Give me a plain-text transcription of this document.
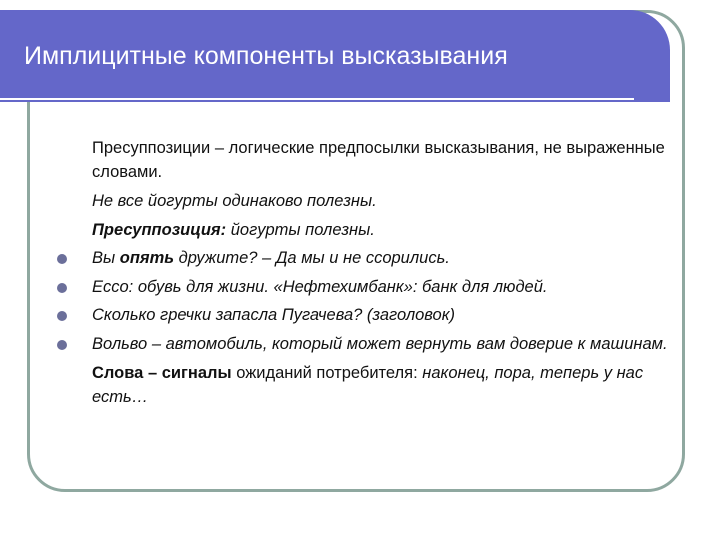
Имплицитные компоненты высказывания
Пресуппозиции – логические предпосылки высказывания, не выраженные словами.
Не все йогурты одинаково полезны.
Пресуппозиция: йогурты полезны.
Вы опять дружите? – Да мы и не ссорились.
Ессо: обувь для жизни. «Нефтехимбанк»: банк для людей.
Сколько гречки запасла Пугачева? (заголовок)
Вольво – автомобиль, который может вернуть вам доверие к машинам.
Слова – сигналы ожиданий потребителя: наконец, пора, теперь у нас есть…
